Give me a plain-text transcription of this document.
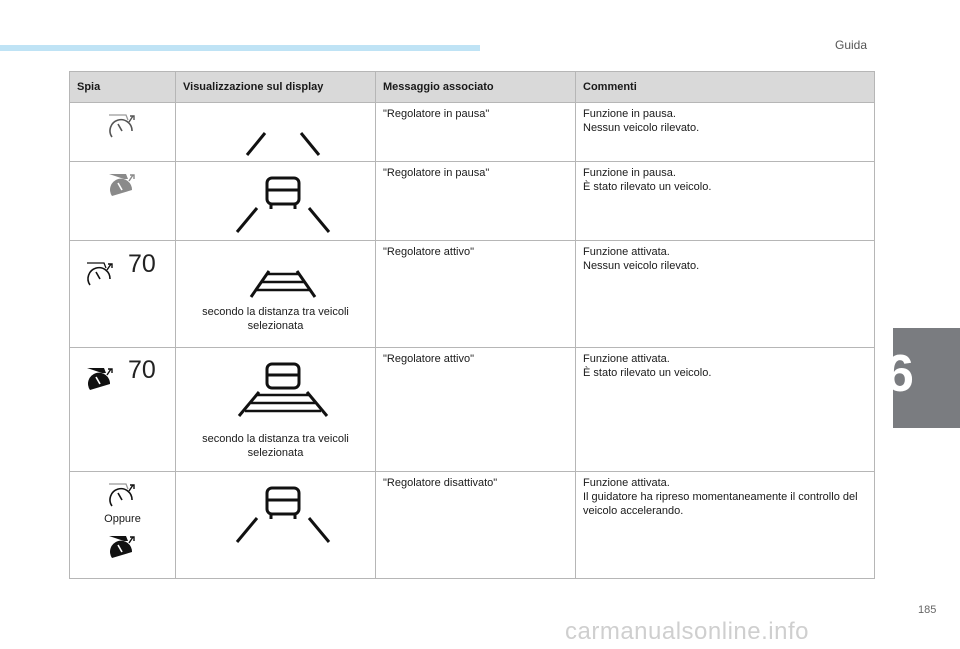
Guida
Spia	Visualizzazione sul display	Messaggio associato	Commenti

	"Regolatore in pausa"	Funzione in pausa.
Nessun veicolo rilevato.

	"Regolatore in pausa"	Funzione in pausa.
È stato rilevato un veicolo.

70	secondo la distanza tra veicoli selezionata	"Regolatore attivo"	Funzione attivata.
Nessun veicolo rilevato.

70	secondo la distanza tra veicoli selezionata	"Regolatore attivo"	Funzione attivata.
È stato rilevato un veicolo.

Oppure		"Regolatore disattivato"	Funzione attivata.
Il guidatore ha ripreso momentaneamente il controllo del veicolo accelerando.
6
185
carmanualsonline.info
